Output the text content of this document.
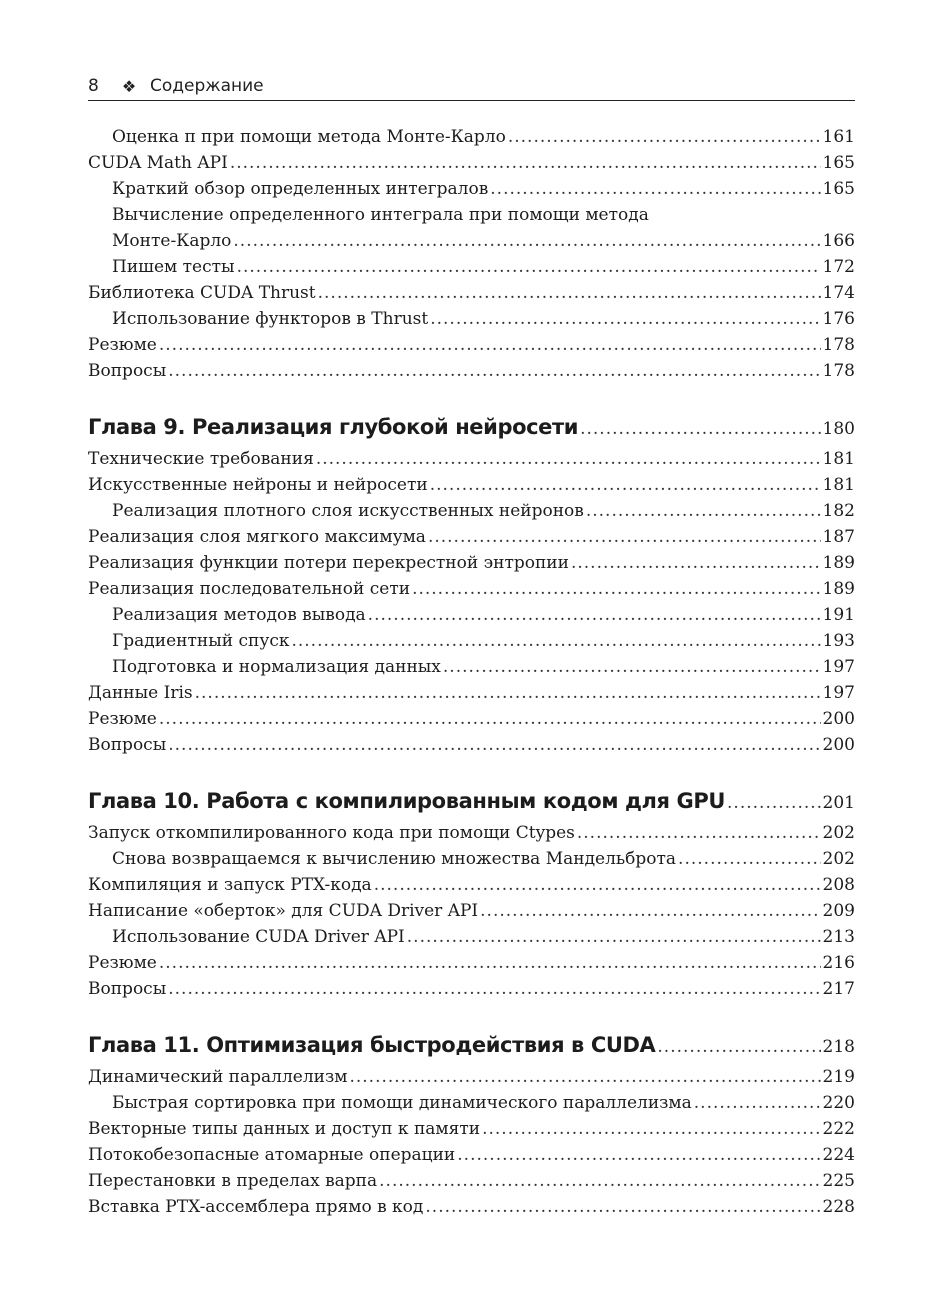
8	❖ Содержание
Оценка π при помощи метода Монте-Карло .....	161
CUDA Math API .....	165
Краткий обзор определенных интегралов .....	165
Вычисление определенного интеграла при помощи метода
Монте-Карло .....	166
Пишем тесты .....	172
Библиотека CUDA Thrust .....	174
Использование функторов в Thrust .....	176
Резюме .....	178
Вопросы .....	178
Глава 9. Реализация глубокой нейросети .....	180
Технические требования .....	181
Искусственные нейроны и нейросети .....	181
Реализация плотного слоя искусственных нейронов .....	182
Реализация слоя мягкого максимума .....	187
Реализация функции потери перекрестной энтропии .....	189
Реализация последовательной сети .....	189
Реализация методов вывода .....	191
Градиентный спуск .....	193
Подготовка и нормализация данных .....	197
Данные Iris .....	197
Резюме .....	200
Вопросы .....	200
Глава 10. Работа с компилированным кодом для GPU .....	201
Запуск откомпилированного кода при помощи Ctypes .....	202
Снова возвращаемся к вычислению множества Мандельброта .....	202
Компиляция и запуск PTX-кода .....	208
Написание «оберток» для CUDA Driver API .....	209
Использование CUDA Driver API .....	213
Резюме .....	216
Вопросы .....	217
Глава 11. Оптимизация быстродействия в CUDA .....	218
Динамический параллелизм .....	219
Быстрая сортировка при помощи динамического параллелизма .....	220
Векторные типы данных и доступ к памяти .....	222
Потокобезопасные атомарные операции .....	224
Перестановки в пределах варпа .....	225
Вставка PTX-ассемблера прямо в код .....	228
